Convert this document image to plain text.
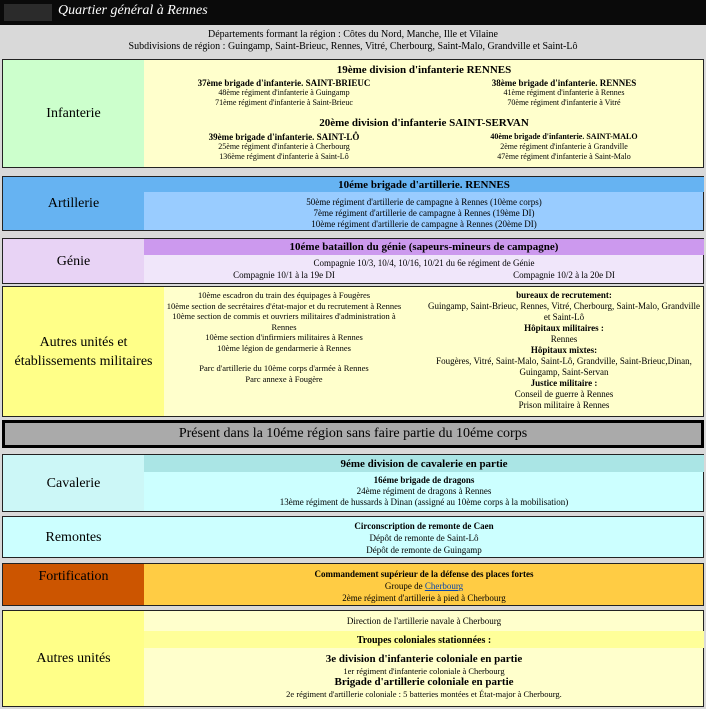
Quartier général à Rennes
Départements formant la région : Côtes du Nord, Manche, Ille et Vilaine
Subdivisions de région : Guingamp, Saint-Brieuc, Rennes, Vitré, Cherbourg, Saint-Malo, Grandville et Saint-Lô
Infanterie
19ème division d'infanterie RENNES
37ème brigade d'infanterie. SAINT-BRIEUC
48ème régiment d'infanterie à Guingamp
71ème régiment d'infanterie à Saint-Brieuc
38ème brigade d'infanterie. RENNES
41ème régiment d'infanterie à Rennes
70ème régiment d'infanterie à Vitré
20ème division d'infanterie SAINT-SERVAN
39ème brigade d'infanterie. SAINT-LÔ
25ème régiment d'infanterie à Cherbourg
136ème régiment d'infanterie à Saint-Lô
40ème brigade d'infanterie. SAINT-MALO
2ème régiment d'infanterie à Grandville
47ème régiment d'infanterie à Saint-Malo
Artillerie
10éme brigade d'artillerie. RENNES
50ème régiment d'artillerie de campagne à Rennes (10ème corps)
7ème régiment d'artillerie de campagne à Rennes (19ème DI)
10ème régiment d'artillerie de campagne à Rennes (20ème DI)
Génie
10éme bataillon du génie (sapeurs-mineurs de campagne)
Compagnie 10/3, 10/4, 10/16, 10/21 du 6e régiment de Génie
Compagnie 10/1 à la 19e DI	Compagnie 10/2 à la 20e DI
Autres unités et établissements militaires
10ème escadron du train des équipages à Fougères
10ème section de secrétaires d'état-major et du recrutement à Rennes
10ème section de commis et ouvriers militaires d'administration à
Rennes
10ème section d'infirmiers militaires à Rennes
10ème légion de gendarmerie à Rennes
Parc d'artillerie du 10ème corps d'armée à Rennes
Parc annexe à Fougère
bureaux de recrutement:
Guingamp, Saint-Brieuc, Rennes, Vitré, Cherbourg, Saint-Malo, Grandville et Saint-Lô
Hôpitaux militaires :
Rennes
Hôpitaux mixtes:
Fougères, Vitré, Saint-Malo, Saint-Lô, Grandville, Saint-Brieuc,Dinan, Guingamp, Saint-Servan
Justice militaire :
Conseil de guerre à Rennes
Prison militaire à Rennes
Présent dans la 10éme région sans faire partie du 10éme corps
Cavalerie
9éme division de cavalerie en partie
16éme brigade de dragons
24ème régiment de dragons à Rennes
13ème régiment de hussards à Dinan (assigné au 10ème corps à la mobilisation)
Remontes
Circonscription de remonte de Caen
Dépôt de remonte de Saint-Lô
Dépôt de remonte de Guingamp
Fortification	Commandement supérieur de la défense des places fortes
Groupe de Cherbourg
2ème régiment d'artillerie à pied à Cherbourg
Autres unités
Direction de l'artillerie navale à Cherbourg
Troupes coloniales stationnées :
3e division d'infanterie coloniale en partie
1er régiment d'infanterie coloniale à Cherbourg
Brigade d'artillerie coloniale en partie
2e régiment d'artillerie coloniale : 5 batteries montées et État-major à Cherbourg.
